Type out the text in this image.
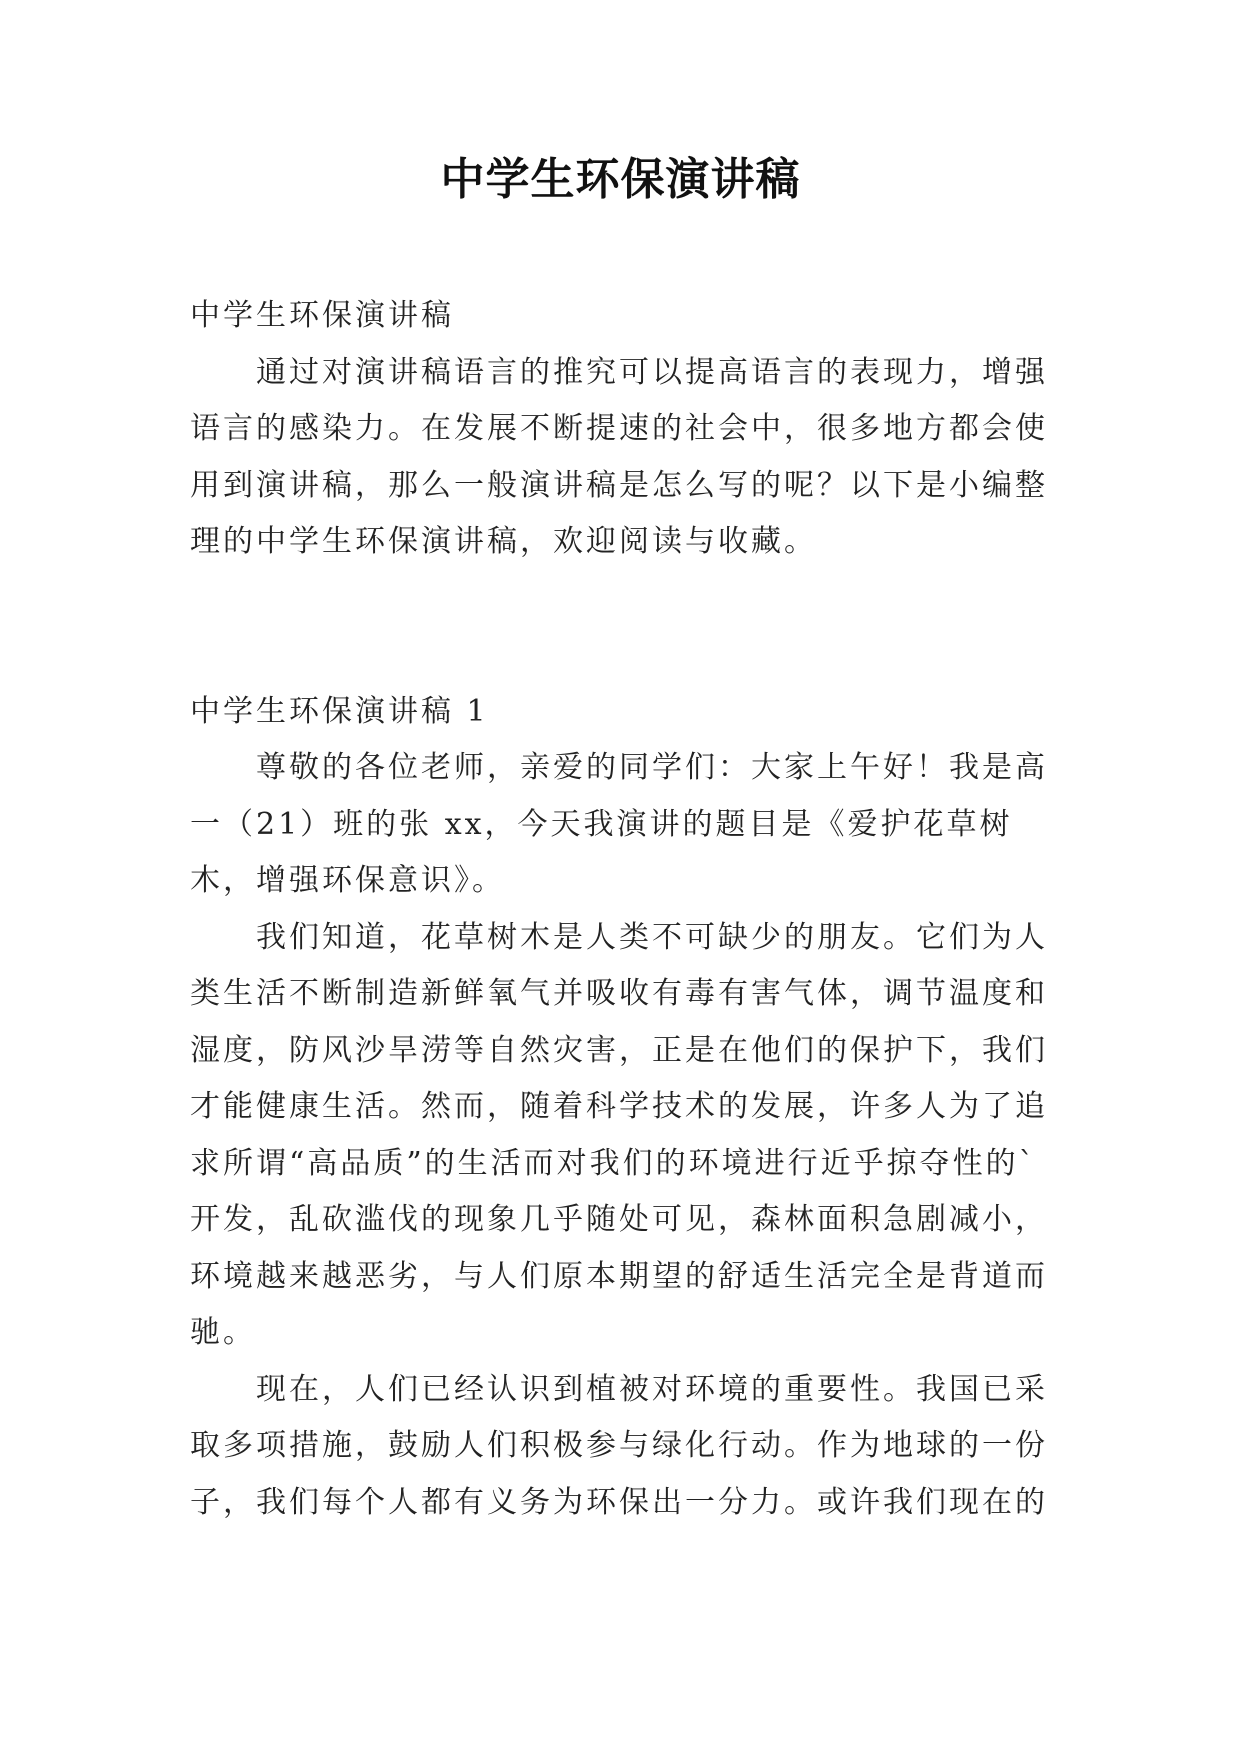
中学生环保演讲稿

中学生环保演讲稿

通过对演讲稿语言的推究可以提高语言的表现力，增强语言的感染力。在发展不断提速的社会中，很多地方都会使用到演讲稿，那么一般演讲稿是怎么写的呢？以下是小编整理的中学生环保演讲稿，欢迎阅读与收藏。

中学生环保演讲稿 1

尊敬的各位老师，亲爱的同学们：大家上午好！我是高一（21）班的张 xx，今天我演讲的题目是《爱护花草树木，增强环保意识》。

我们知道，花草树木是人类不可缺少的朋友。它们为人类生活不断制造新鲜氧气并吸收有毒有害气体，调节温度和湿度，防风沙旱涝等自然灾害，正是在他们的保护下，我们才能健康生活。然而，随着科学技术的发展，许多人为了追求所谓“高品质”的生活而对我们的环境进行近乎掠夺性的`开发，乱砍滥伐的现象几乎随处可见，森林面积急剧减小，环境越来越恶劣，与人们原本期望的舒适生活完全是背道而驰。

现在，人们已经认识到植被对环境的重要性。我国已采取多项措施，鼓励人们积极参与绿化行动。作为地球的一份子，我们每个人都有义务为环保出一分力。或许我们现在的
